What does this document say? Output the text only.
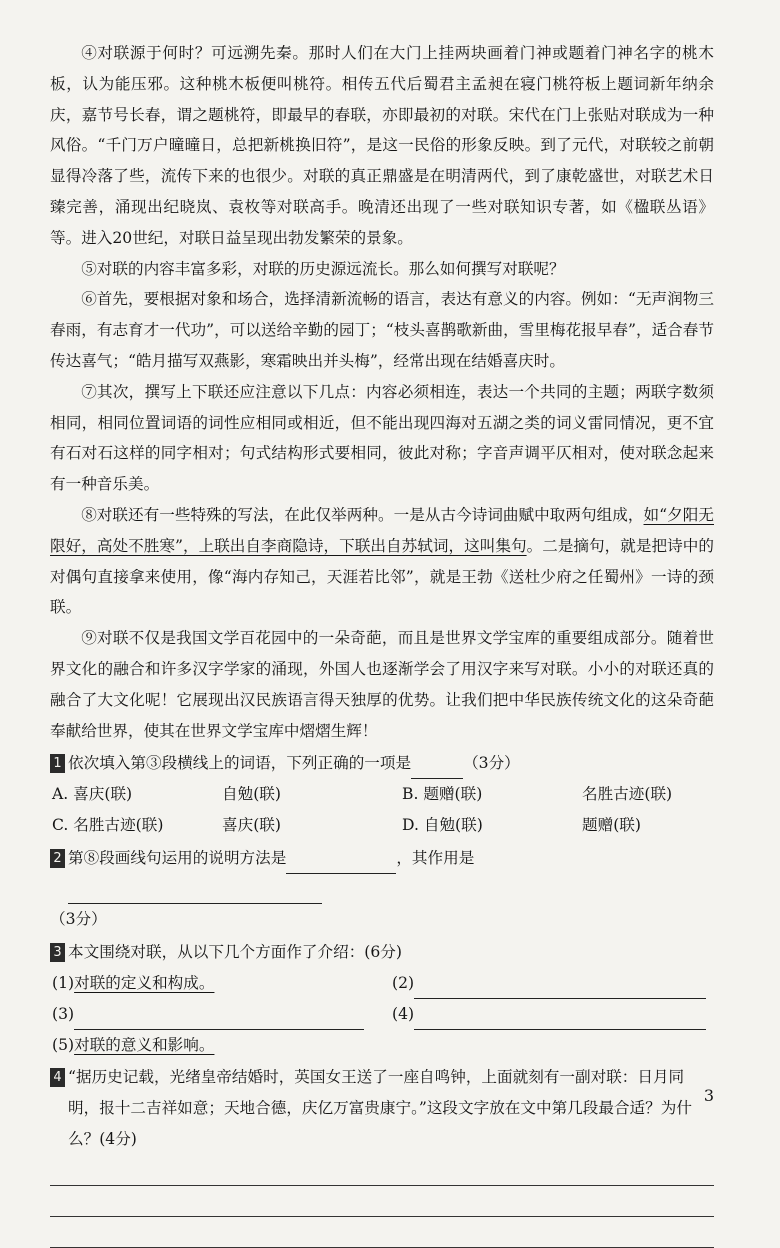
④对联源于何时？可远溯先秦。那时人们在大门上挂两块画着门神或题着门神名字的桃木板，认为能压邪。这种桃木板便叫桃符。相传五代后蜀君主孟昶在寝门桃符板上题词新年纳余庆，嘉节号长春，谓之题桃符，即最早的春联，亦即最初的对联。宋代在门上张贴对联成为一种风俗。“千门万户曈曈日，总把新桃换旧符”，是这一民俗的形象反映。到了元代，对联较之前朝显得冷落了些，流传下来的也很少。对联的真正鼎盛是在明清两代，到了康乾盛世，对联艺术日臻完善，涌现出纪晓岚、袁枚等对联高手。晚清还出现了一些对联知识专著，如《楹联丛语》等。进入20世纪，对联日益呈现出勃发繁荣的景象。

⑤对联的内容丰富多彩，对联的历史源远流长。那么如何撰写对联呢？

⑥首先，要根据对象和场合，选择清新流畅的语言，表达有意义的内容。例如：“无声润物三春雨，有志育才一代功”，可以送给辛勤的园丁；“枝头喜鹊歌新曲，雪里梅花报早春”，适合春节传达喜气；“皓月描写双燕影，寒霜映出并头梅”，经常出现在结婚喜庆时。

⑦其次，撰写上下联还应注意以下几点：内容必须相连，表达一个共同的主题；两联字数须相同，相同位置词语的词性应相同或相近，但不能出现四海对五湖之类的词义雷同情况，更不宜有石对石这样的同字相对；句式结构形式要相同，彼此对称；字音声调平仄相对，使对联念起来有一种音乐美。

⑧对联还有一些特殊的写法，在此仅举两种。一是从古今诗词曲赋中取两句组成，如“夕阳无限好，高处不胜寒”，上联出自李商隐诗，下联出自苏轼词，这叫集句。二是摘句，就是把诗中的对偶句直接拿来使用，像“海内存知己，天涯若比邻”，就是王勃《送杜少府之任蜀州》一诗的颈联。

⑨对联不仅是我国文学百花园中的一朵奇葩，而且是世界文学宝库的重要组成部分。随着世界文化的融合和许多汉字学家的涌现，外国人也逐渐学会了用汉字来写对联。小小的对联还真的融合了大文化呢！它展现出汉民族语言得天独厚的优势。让我们把中华民族传统文化的这朵奇葩奉献给世界，使其在世界文学宝库中熠熠生辉！

1 依次填入第③段横线上的词语，下列正确的一项是	（3分）
A. 喜庆(联)	自勉(联)	B. 题赠(联)	名胜古迹(联)
C. 名胜古迹(联)	喜庆(联)	D. 自勉(联)	题赠(联)
2 第⑧段画线句运用的说明方法是	，其作用是
（3分）
3 本文围绕对联，从以下几个方面作了介绍：(6分)
(1) 对联的定义和构成。	(2)
(3)	(4)
(5) 对联的意义和影响。
4 “据历史记载，光绪皇帝结婚时，英国女王送了一座自鸣钟，上面就刻有一副对联：日月同明，报十二吉祥如意；天地合德，庆亿万富贵康宁。”这段文字放在文中第几段最合适？为什么？(4分)
3
